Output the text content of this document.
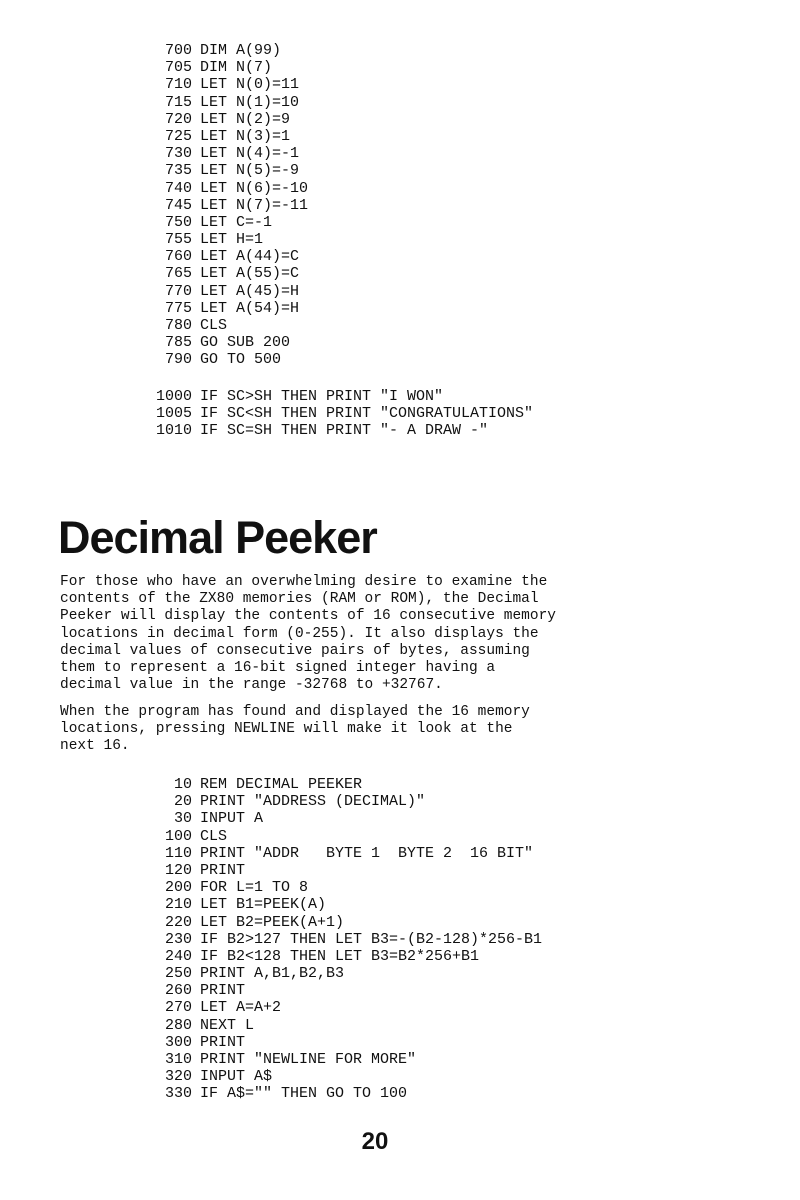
700 DIM A(99)
705 DIM N(7)
710 LET N(0)=11
715 LET N(1)=10
720 LET N(2)=9
725 LET N(3)=1
730 LET N(4)=-1
735 LET N(5)=-9
740 LET N(6)=-10
745 LET N(7)=-11
750 LET C=-1
755 LET H=1
760 LET A(44)=C
765 LET A(55)=C
770 LET A(45)=H
775 LET A(54)=H
780 CLS
785 GO SUB 200
790 GO TO 500
1000 IF SC>SH THEN PRINT "I WON"
1005 IF SC<SH THEN PRINT "CONGRATULATIONS"
1010 IF SC=SH THEN PRINT "- A DRAW -"
Decimal Peeker

For those who have an overwhelming desire to examine the
contents of the ZX80 memories (RAM or ROM), the Decimal
Peeker will display the contents of 16 consecutive memory
locations in decimal form (0-255). It also displays the
decimal values of consecutive pairs of bytes, assuming
them to represent a 16-bit signed integer having a
decimal value in the range -32768 to +32767.

When the program has found and displayed the 16 memory
locations, pressing NEWLINE will make it look at the
next 16.

10 REM DECIMAL PEEKER
20 PRINT "ADDRESS (DECIMAL)"
30 INPUT A
100 CLS
110 PRINT "ADDR   BYTE 1  BYTE 2  16 BIT"
120 PRINT
200 FOR L=1 TO 8
210 LET B1=PEEK(A)
220 LET B2=PEEK(A+1)
230 IF B2>127 THEN LET B3=-(B2-128)*256-B1
240 IF B2<128 THEN LET B3=B2*256+B1
250 PRINT A,B1,B2,B3
260 PRINT
270 LET A=A+2
280 NEXT L
300 PRINT
310 PRINT "NEWLINE FOR MORE"
320 INPUT A$
330 IF A$="" THEN GO TO 100
20
